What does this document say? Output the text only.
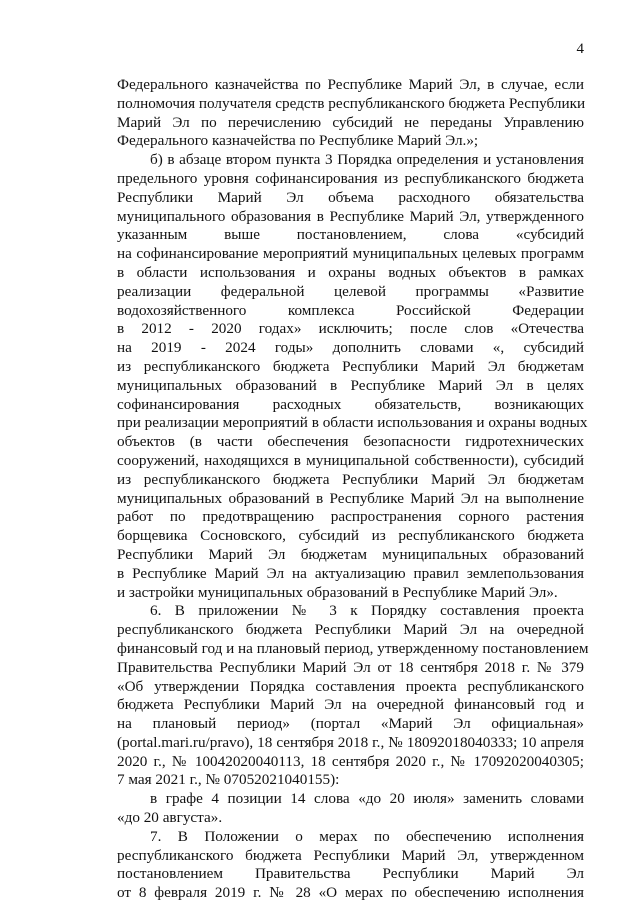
4
Федерального казначейства по Республике Марий Эл, в случае, если
полномочия получателя средств республиканского бюджета Республики
Марий Эл по перечислению субсидий не переданы Управлению
Федерального казначейства по Республике Марий Эл.»;
б) в абзаце втором пункта 3 Порядка определения и установления
предельного уровня софинансирования из республиканского бюджета
Республики Марий Эл объема расходного обязательства
муниципального образования в Республике Марий Эл, утвержденного
указанным выше постановлением, слова «субсидий
на софинансирование мероприятий муниципальных целевых программ
в области использования и охраны водных объектов в рамках
реализации федеральной целевой программы «Развитие
водохозяйственного комплекса Российской Федерации
в 2012 - 2020 годах» исключить; после слов «Отечества
на 2019 - 2024 годы» дополнить словами «, субсидий
из республиканского бюджета Республики Марий Эл бюджетам
муниципальных образований в Республике Марий Эл в целях
софинансирования расходных обязательств, возникающих
при реализации мероприятий в области использования и охраны водных
объектов (в части обеспечения безопасности гидротехнических
сооружений, находящихся в муниципальной собственности), субсидий
из республиканского бюджета Республики Марий Эл бюджетам
муниципальных образований в Республике Марий Эл на выполнение
работ по предотвращению распространения сорного растения
борщевика Сосновского, субсидий из республиканского бюджета
Республики Марий Эл бюджетам муниципальных образований
в Республике Марий Эл на актуализацию правил землепользования
и застройки муниципальных образований в Республике Марий Эл».
6. В приложении № 3 к Порядку составления проекта
республиканского бюджета Республики Марий Эл на очередной
финансовый год и на плановый период, утвержденному постановлением
Правительства Республики Марий Эл от 18 сентября 2018 г. № 379
«Об утверждении Порядка составления проекта республиканского
бюджета Республики Марий Эл на очередной финансовый год и
на плановый период» (портал «Марий Эл официальная»
(portal.mari.ru/pravo), 18 сентября 2018 г., № 18092018040333; 10 апреля
2020 г., № 10042020040113, 18 сентября 2020 г., № 17092020040305;
7 мая 2021 г., № 07052021040155):
в графе 4 позиции 14 слова «до 20 июля» заменить словами
«до 20 августа».
7. В Положении о мерах по обеспечению исполнения
республиканского бюджета Республики Марий Эл, утвержденном
постановлением Правительства Республики Марий Эл
от 8 февраля 2019 г. № 28 «О мерах по обеспечению исполнения
